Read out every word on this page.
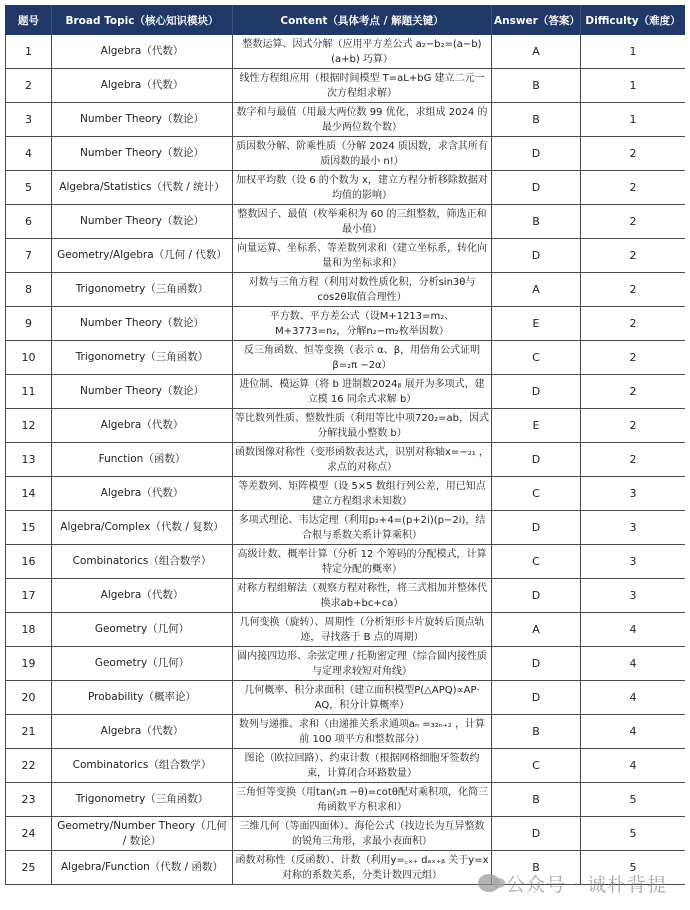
题号	Broad Topic（核心知识模块）	Content（具体考点 / 解题关键）	Answer（答案）	Difficulty（难度）
1	Algebra（代数）	整数运算、因式分解（应用平方差公式 a₂−b₂=(a−b)(a+b) 巧算）	A	1
2	Algebra（代数）	线性方程组应用（根据时间模型 T=aL+bG 建立二元一次方程组求解）	B	1
3	Number Theory（数论）	数字和与最值（用最大两位数 99 优化，求组成 2024 的最少两位数个数）	B	1
4	Number Theory（数论）	质因数分解、阶乘性质（分解 2024 质因数，求含其所有质因数的最小 n!）	D	2
5	Algebra/Statistics（代数 / 统计）	加权平均数（设 6 的个数为 x，建立方程分析移除数据对均值的影响）	D	2
6	Number Theory（数论）	整数因子、最值（枚举乘积为 60 的三组整数，筛选正和最小值）	B	2
7	Geometry/Algebra（几何 / 代数）	向量运算、坐标系、等差数列求和（建立坐标系，转化向量和为坐标求和）	D	2
8	Trigonometry（三角函数）	对数与三角方程（利用对数性质化积，分析sin3θ与cos2θ取值合理性）	A	2
9	Number Theory（数论）	平方数、平方差公式（设M+1213=m₂、M+3773=n₂，分解n₂−m₂枚举因数）	E	2
10	Trigonometry（三角函数）	反三角函数、恒等变换（表示 α、β，用倍角公式证明 β=₂π −2α）	C	2
11	Number Theory（数论）	进位制、模运算（将 b 进制数2024ᵦ 展开为多项式，建立模 16 同余式求解 b）	D	2
12	Algebra（代数）	等比数列性质、整数性质（利用等比中项720₂=ab，因式分解找最小整数 b）	E	2
13	Function（函数）	函数图像对称性（变形函数表达式，识别对称轴x=−₂₁ ，求点的对称点）	D	2
14	Algebra（代数）	等差数列、矩阵模型（设 5×5 数组行列公差，用已知点建立方程组求未知数）	C	3
15	Algebra/Complex（代数 / 复数）	多项式理论、韦达定理（利用p₂+4=(p+2i)(p−2i)，结合根与系数关系计算乘积）	D	3
16	Combinatorics（组合数学）	高级计数、概率计算（分析 12 个筹码的分配模式，计算特定分配的概率）	C	3
17	Algebra（代数）	对称方程组解法（观察方程对称性，将三式相加并整体代换求ab+bc+ca）	D	3
18	Geometry（几何）	几何变换（旋转）、周期性（分析矩形卡片旋转后顶点轨迹，寻找落于 B 点的周期）	A	4
19	Geometry（几何）	圆内接四边形、余弦定理 / 托勒密定理（综合圆内接性质与定理求较短对角线）	D	4
20	Probability（概率论）	几何概率、积分求面积（建立面积模型P(△APQ)∝AP· AQ，积分计算概率）	D	4
21	Algebra（代数）	数列与递推、求和（由递推关系求通项aₙ =₃₂ₙ₊₂ ，计算前 100 项平方和整数部分）	B	4
22	Combinatorics（组合数学）	图论（欧拉回路）、约束计数（根据网格细胞牙签数约束，计算闭合环路数量）	C	4
23	Trigonometry（三角函数）	三角恒等变换（用tan(₂π −θ)=cotθ配对乘积项，化简三角函数平方积求和）	B	5
24	Geometry/Number Theory（几何 / 数论）	三维几何（等面四面体）、海伦公式（找边长为互异整数的锐角三角形，求最小表面积）	D	5
25	Algebra/Function（代数 / 函数）	函数对称性（反函数）、计数（利用y=꜀ₓ₊ dₐₓ₊ᵦ 关于y=x对称的系数关系，分类计数四元组）	B	5
公众号 · 诚朴背提
